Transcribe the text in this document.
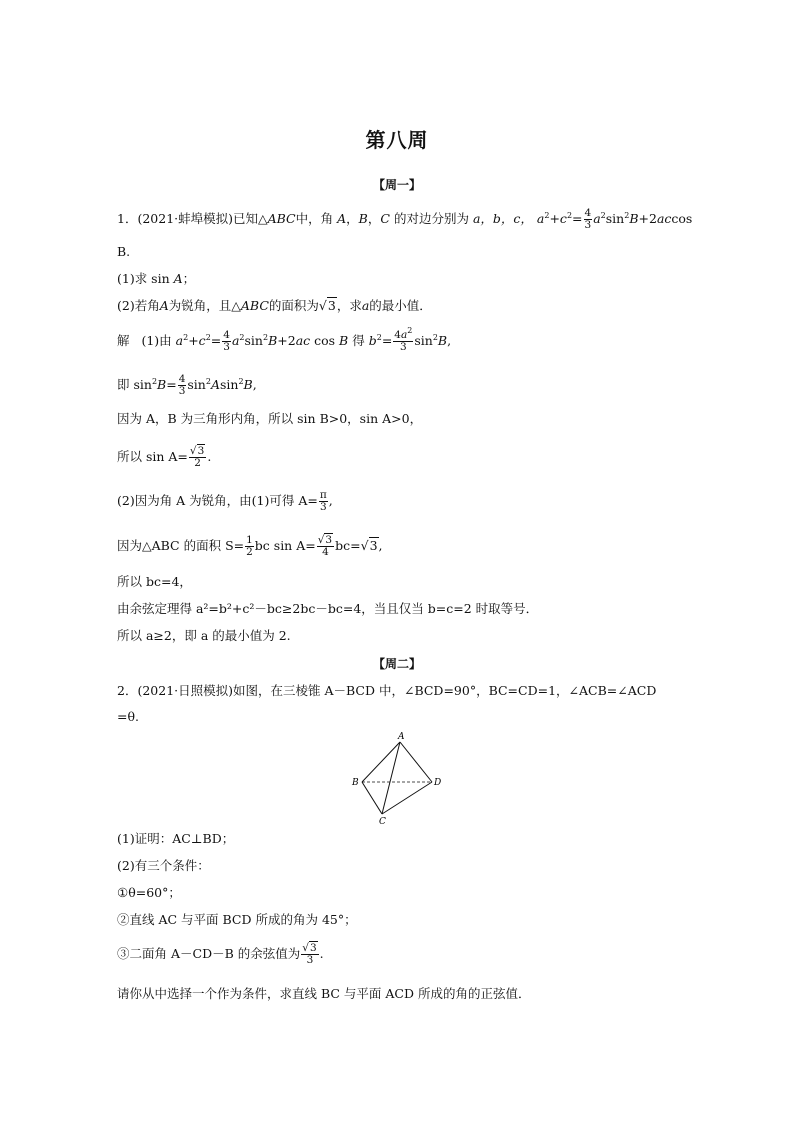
第八周
【周一】
1．(2021·蚌埠模拟)已知△ABC中，角 A，B，C 的对边分别为 a，b，c， $a^2+c^2= \frac{4}{3} a^2\sin^2B+2accos$
B.
(1)求 sin A；
(2)若角A为锐角，且△ABC的面积为√3，求a的最小值．
解 (1)由 $a^2+c^2= \frac{4}{3} a^2\sin^2B+2ac$ cos B 得 $b^2= \frac{4a^2}{3} \sin^2B$,
即 $\sin^2B= \frac{4}{3} \sin^2Asin^2B$,
因为 A，B 为三角形内角，所以 sin B>0，sin A>0，
所以 $\sin A= \frac{√3}{2}$ .
(2)因为角 A 为锐角，由(1)可得 $A= \frac{\pi}{3}$ ,
因为△ABC 的面积 $S= \frac{1}{2}$ bc $\sin A= \frac{√3}{4} bc=√3$,
所以 bc=4，
由余弦定理得 a²=b²+c²－bc≥2bc－bc=4，当且仅当 b=c=2 时取等号．
所以 a≥2，即 a 的最小值为 2.
【周二】
2．(2021·日照模拟)如图，在三棱锥 A－BCD 中，∠BCD=90°，BC=CD=1，∠ACB=∠ACD
=θ.
A
B
C
D
(1)证明：AC⊥BD；
(2)有三个条件：
①θ=60°；
②直线 AC 与平面 BCD 所成的角为 45°；
③二面角 A－CD－B 的余弦值为 $\frac{√3}{3}$ .
请你从中选择一个作为条件，求直线 BC 与平面 ACD 所成的角的正弦值．
